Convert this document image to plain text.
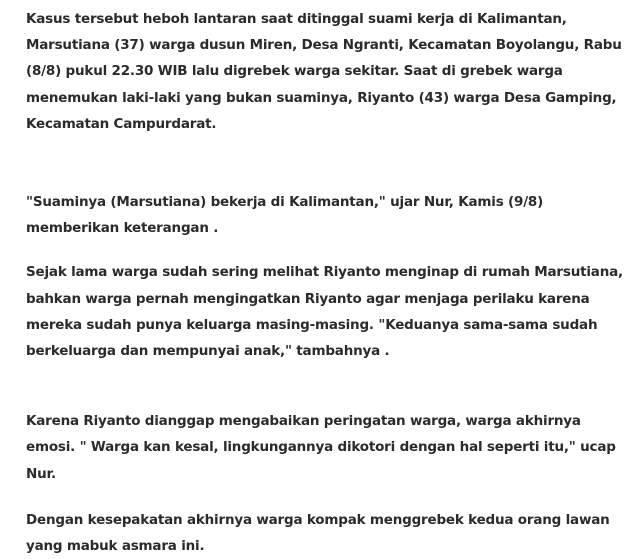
Kasus tersebut heboh lantaran saat ditinggal suami kerja di Kalimantan, Marsutiana (37) warga dusun Miren, Desa Ngranti, Kecamatan Boyolangu, Rabu (8/8) pukul 22.30 WIB lalu digrebek warga sekitar. Saat di grebek warga menemukan laki-laki yang bukan suaminya, Riyanto (43) warga Desa Gamping, Kecamatan Campurdarat.

"Suaminya (Marsutiana) bekerja di Kalimantan," ujar Nur, Kamis (9/8) memberikan keterangan .

Sejak lama warga sudah sering melihat Riyanto menginap di rumah Marsutiana, bahkan warga pernah mengingatkan Riyanto agar menjaga perilaku karena mereka sudah punya keluarga masing-masing. "Keduanya sama-sama sudah berkeluarga dan mempunyai anak," tambahnya .

Karena Riyanto dianggap mengabaikan peringatan warga, warga akhirnya emosi. " Warga kan kesal, lingkungannya dikotori dengan hal seperti itu," ucap Nur.

Dengan kesepakatan akhirnya warga kompak menggrebek kedua orang lawan yang mabuk asmara ini.
